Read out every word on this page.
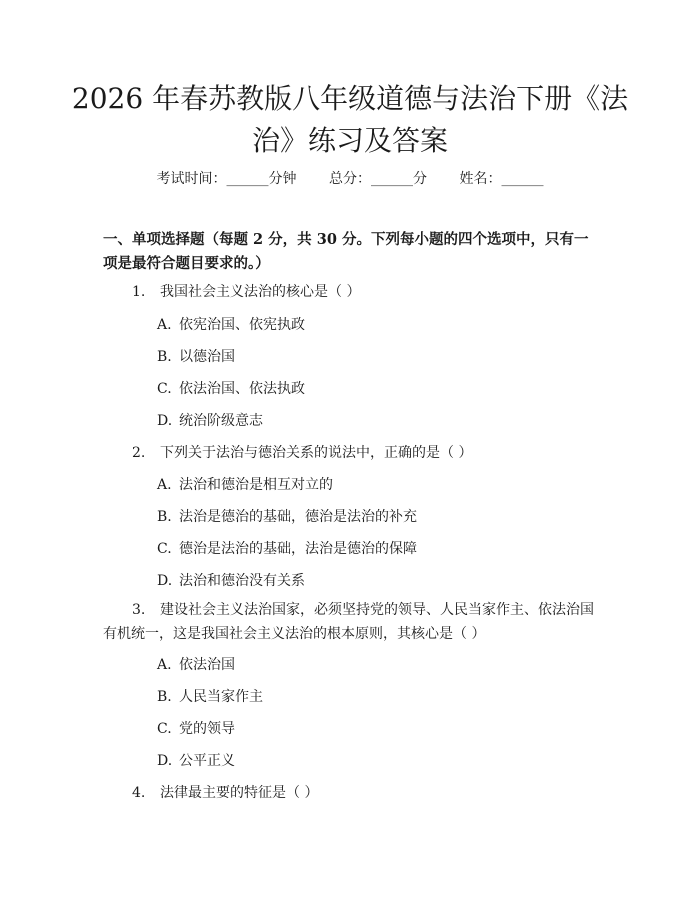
2026 年春苏教版八年级道德与法治下册《法治》练习及答案
考试时间：______分钟 总分：______分 姓名：______
一、单项选择题（每题 2 分，共 30 分。下列每小题的四个选项中，只有一项是最符合题目要求的。）
1. 我国社会主义法治的核心是（ ）
A. 依宪治国、依宪执政
B. 以德治国
C. 依法治国、依法执政
D. 统治阶级意志
2. 下列关于法治与德治关系的说法中，正确的是（ ）
A. 法治和德治是相互对立的
B. 法治是德治的基础，德治是法治的补充
C. 德治是法治的基础，法治是德治的保障
D. 法治和德治没有关系
3. 建设社会主义法治国家，必须坚持党的领导、人民当家作主、依法治国有机统一，这是我国社会主义法治的根本原则，其核心是（ ）
A. 依法治国
B. 人民当家作主
C. 党的领导
D. 公平正义
4. 法律最主要的特征是（ ）
